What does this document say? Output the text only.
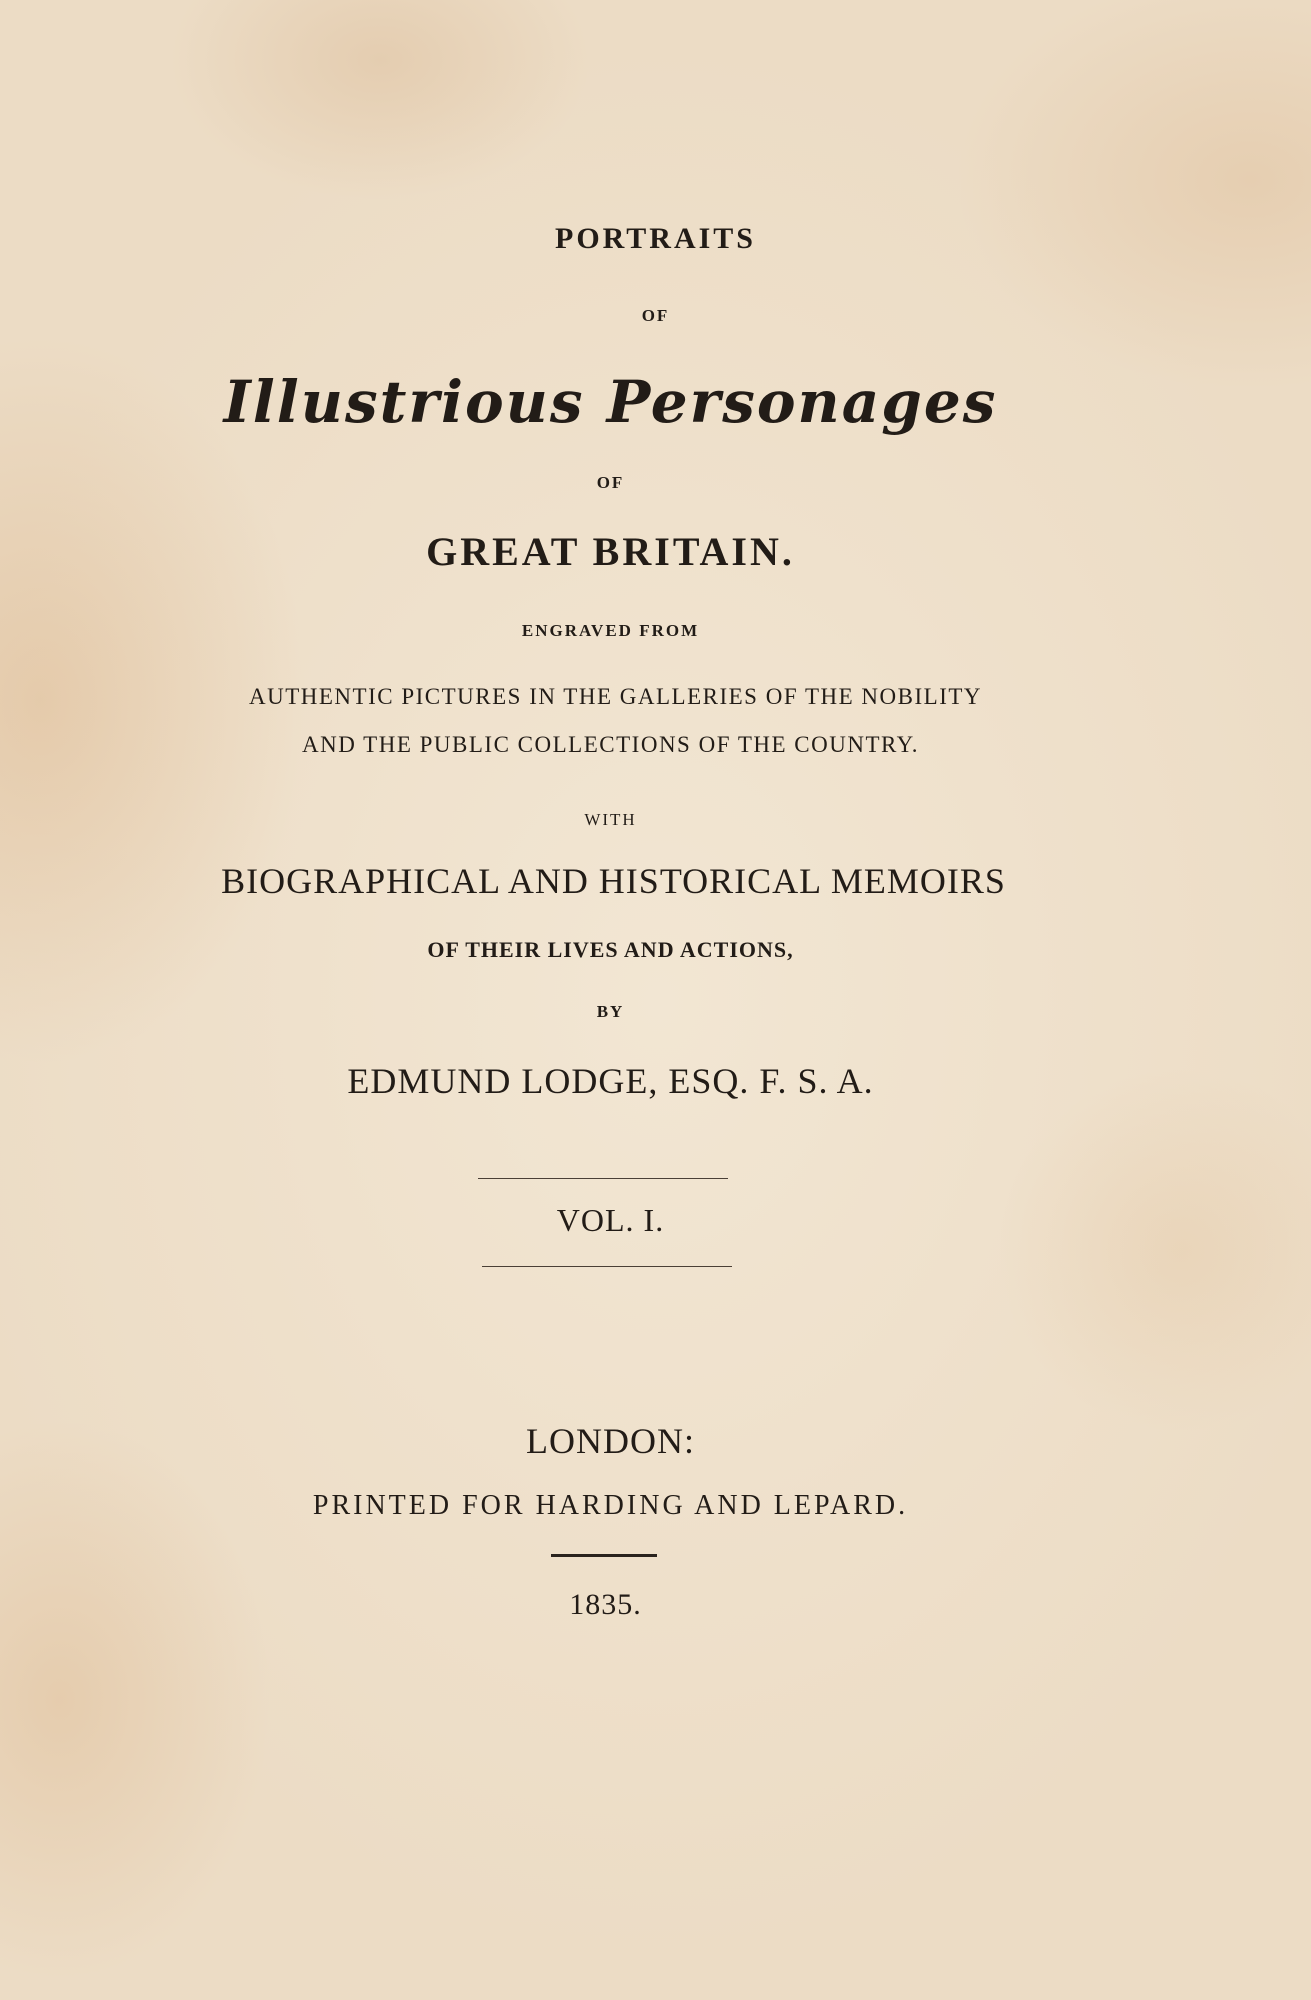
PORTRAITS
OF
Illustrious Personages
OF
GREAT BRITAIN.
ENGRAVED FROM
AUTHENTIC PICTURES IN THE GALLERIES OF THE NOBILITY
AND THE PUBLIC COLLECTIONS OF THE COUNTRY.
WITH
BIOGRAPHICAL AND HISTORICAL MEMOIRS
OF THEIR LIVES AND ACTIONS,
BY
EDMUND LODGE, ESQ. F. S. A.
VOL. I.
LONDON:
PRINTED FOR HARDING AND LEPARD.
1835.
